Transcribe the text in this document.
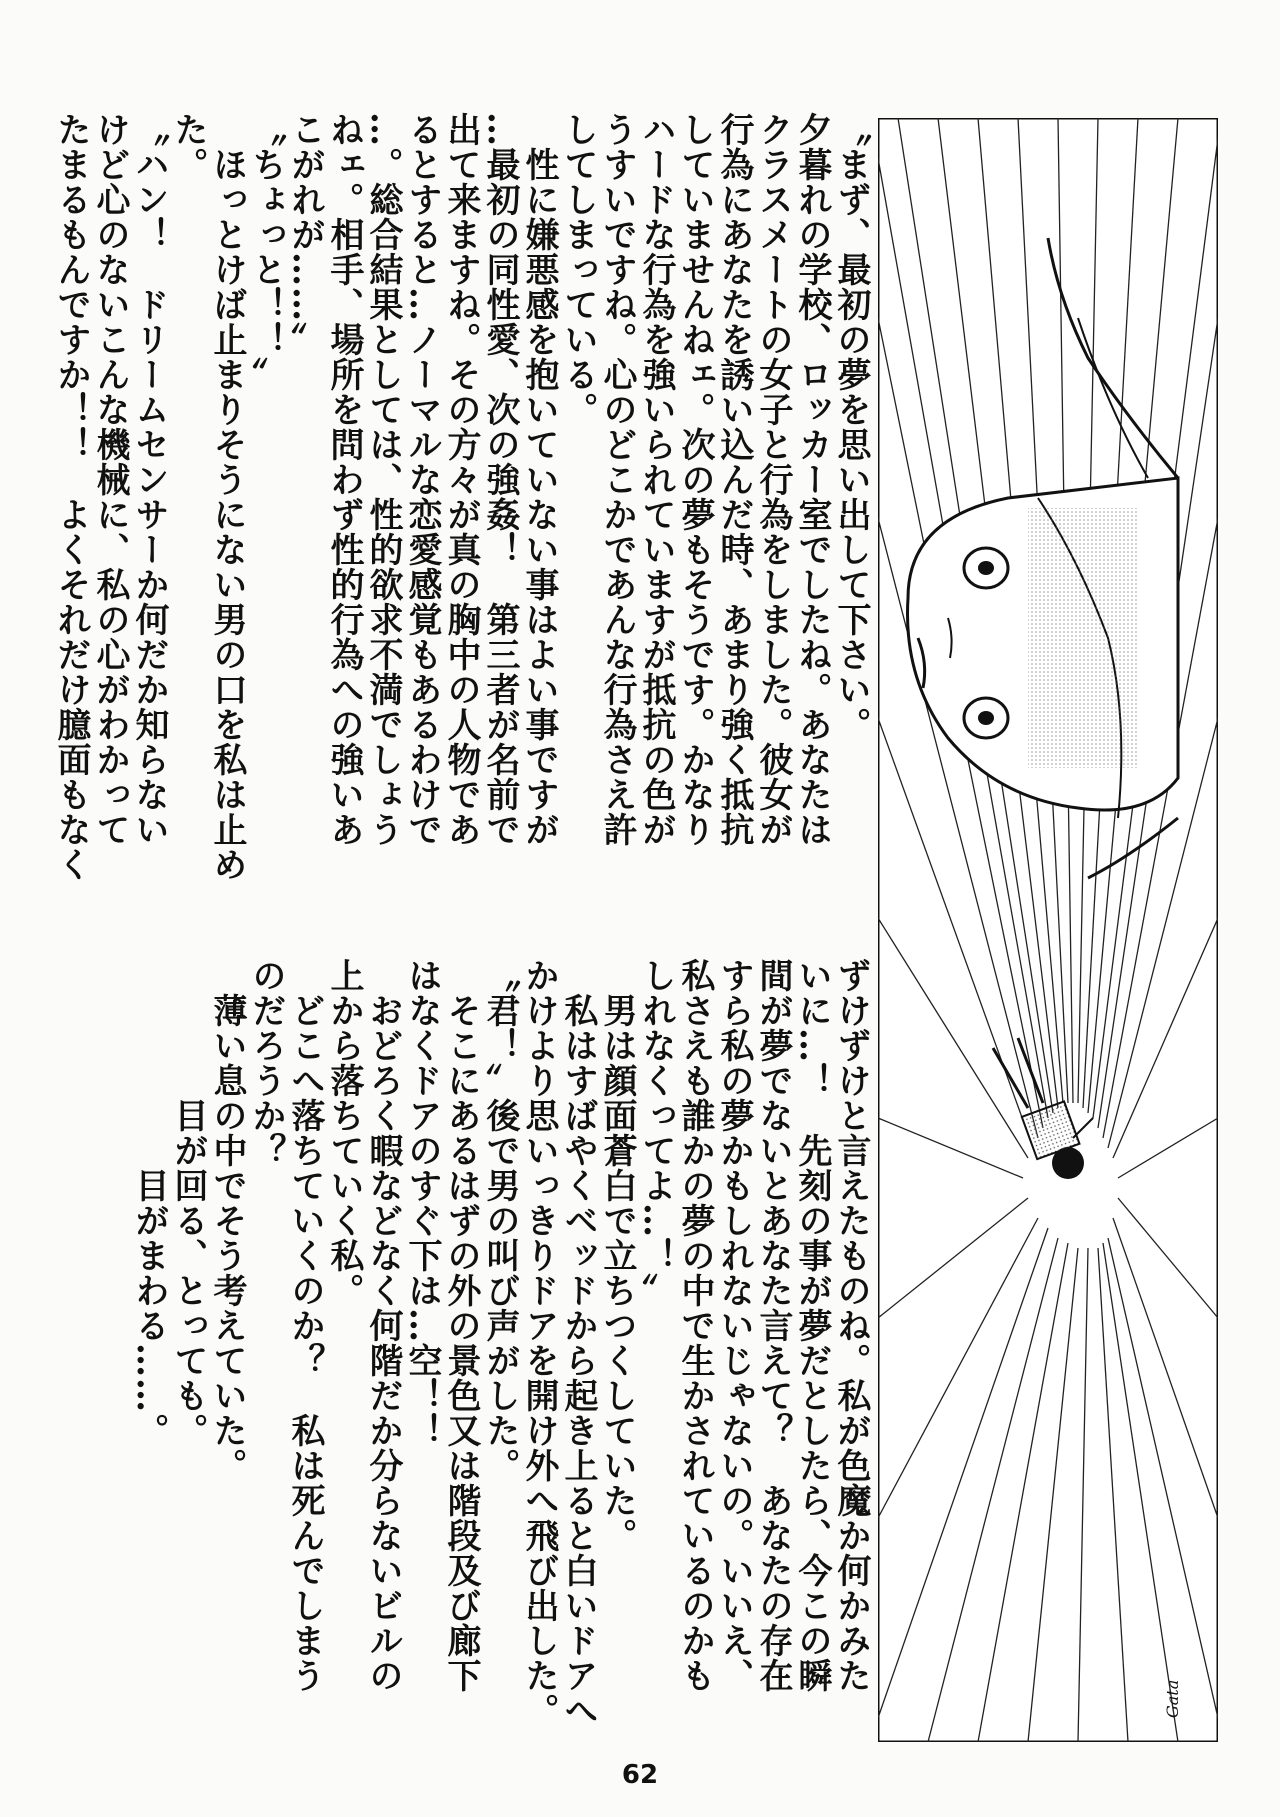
〝まず、最初の夢を思い出して下さい。
夕暮れの学校、ロッカー室でしたね。あなたは
クラスメートの女子と行為をしました。彼女が
行為にあなたを誘い込んだ時、あまり強く抵抗
していませんねェ。次の夢もそうです。かなり
ハードな行為を強いられていますが抵抗の色が
うすいですね。心のどこかであんな行為さえ許
してしまっている。
　性に嫌悪感を抱いていない事はよい事ですが
…最初の同性愛、次の強姦！　第三者が名前で
出て来ますね。その方々が真の胸中の人物であ
るとすると…ノーマルな恋愛感覚もあるわけで
…。総合結果としては、性的欲求不満でしょう
ねェ。相手、場所を問わず性的行為への強いあ
こがれが……〟
〝ちょっと！！〟
　ほっとけば止まりそうにない男の口を私は止め
た。
〝ハン！　ドリームセンサーか何だか知らない
けど心のないこんな機械に、私の心がわかって
たまるもんですか！！　よくそれだけ臆面もなく
ずけずけと言えたものね。私が色魔か何かみた
いに…！　先刻の事が夢だとしたら、今この瞬
間が夢でないとあなた言えて？　あなたの存在
すら私の夢かもしれないじゃないの。いいえ、
私さえも誰かの夢の中で生かされているのかも
しれなくってよ…！〟
　男は顔面蒼白で立ちつくしていた。
　私はすばやくベッドから起き上ると白いドアへ
かけより思いっきりドアを開け外へ飛び出した。
〝君！〟後で男の叫び声がした。
　そこにあるはずの外の景色又は階段及び廊下
はなくドアのすぐ下は…空！！
　おどろく暇などなく何階だか分らないビルの
上から落ちていく私。
　どこへ落ちていくのか？　私は死んでしまう
のだろうか？
　薄い息の中でそう考えていた。
　　　　目が回る、とっても。
　　　　　　目がまわる……。
Gata
62
